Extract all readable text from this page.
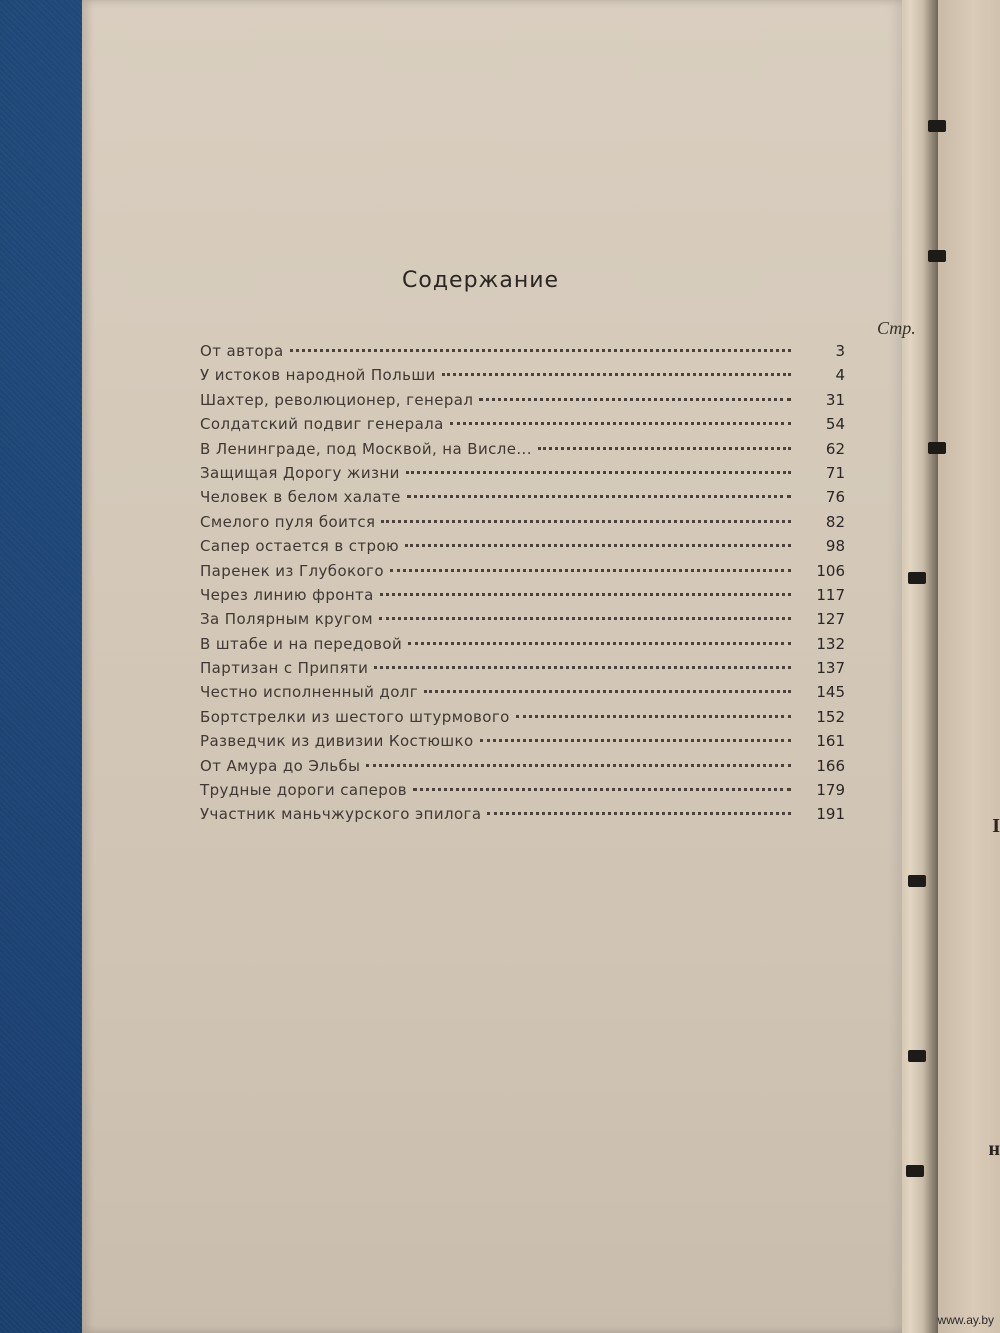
I
н
Содержание
Стр.
От автора	3
У истоков народной Польши	4
Шахтер, революционер, генерал	31
Солдатский подвиг генерала	54
В Ленинграде, под Москвой, на Висле...	62
Защищая Дорогу жизни	71
Человек в белом халате	76
Смелого пуля боится	82
Сапер остается в строю	98
Паренек из Глубокого	106
Через линию фронта	117
За Полярным кругом	127
В штабе и на передовой	132
Партизан с Припяти	137
Честно исполненный долг	145
Бортстрелки из шестого штурмового	152
Разведчик из дивизии Костюшко	161
От Амура до Эльбы	166
Трудные дороги саперов	179
Участник маньчжурского эпилога	191
www.ay.by
